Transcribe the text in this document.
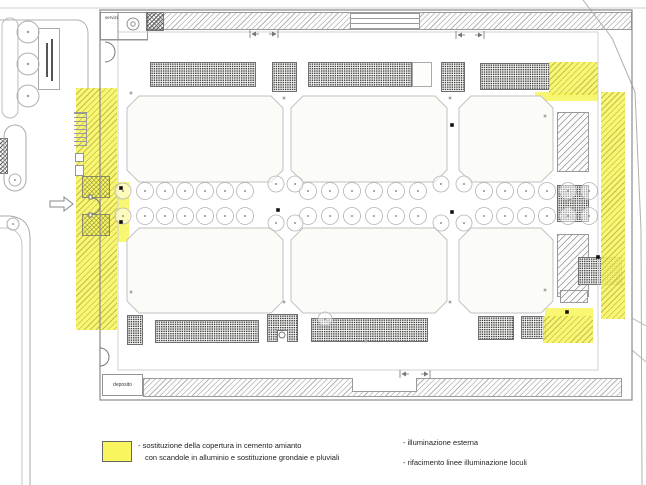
servizi
deposito
- sostituzione della copertura in cemento amianto
con scandole in alluminio e sostituzione grondaie e pluviali
- illuminazione esterna
- rifacimento linee illuminazione loculi
